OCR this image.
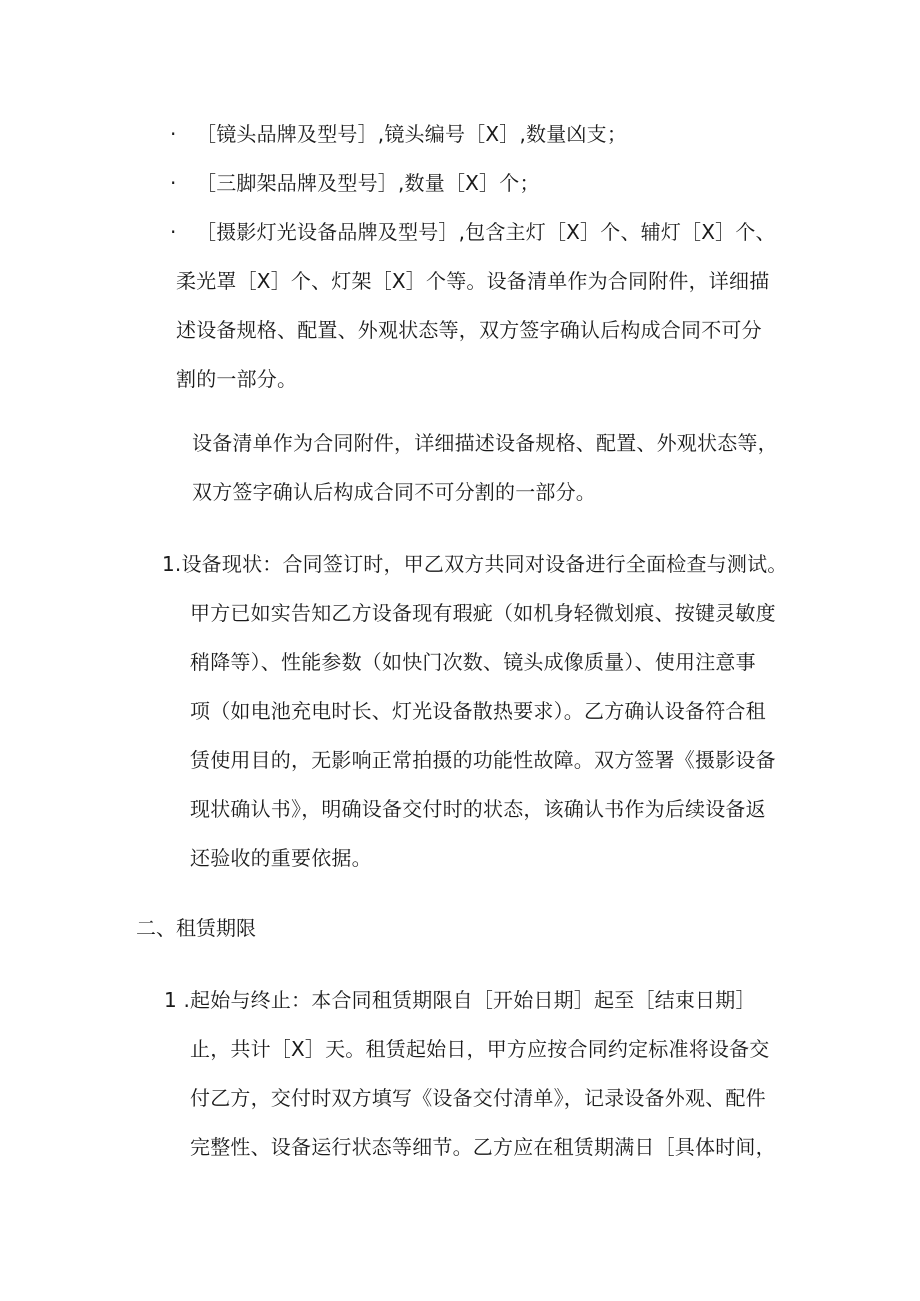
· ［镜头品牌及型号］,镜头编号［X］,数量凶支；
· ［三脚架品牌及型号］,数量［X］个；
· ［摄影灯光设备品牌及型号］,包含主灯［X］个、辅灯［X］个、
柔光罩［X］个、灯架［X］个等。设备清单作为合同附件，详细描
述设备规格、配置、外观状态等，双方签字确认后构成合同不可分
割的一部分。
设备清单作为合同附件，详细描述设备规格、配置、外观状态等，
双方签字确认后构成合同不可分割的一部分。
1.设备现状：合同签订时，甲乙双方共同对设备进行全面检查与测试。
甲方已如实告知乙方设备现有瑕疵（如机身轻微划痕、按键灵敏度
稍降等）、性能参数（如快门次数、镜头成像质量）、使用注意事
项（如电池充电时长、灯光设备散热要求）。乙方确认设备符合租
赁使用目的，无影响正常拍摄的功能性故障。双方签署《摄影设备
现状确认书》，明确设备交付时的状态，该确认书作为后续设备返
还验收的重要依据。
二、租赁期限
1 .起始与终止：本合同租赁期限自［开始日期］起至［结束日期］
止，共计［X］天。租赁起始日，甲方应按合同约定标准将设备交
付乙方，交付时双方填写《设备交付清单》，记录设备外观、配件
完整性、设备运行状态等细节。乙方应在租赁期满日［具体时间，
